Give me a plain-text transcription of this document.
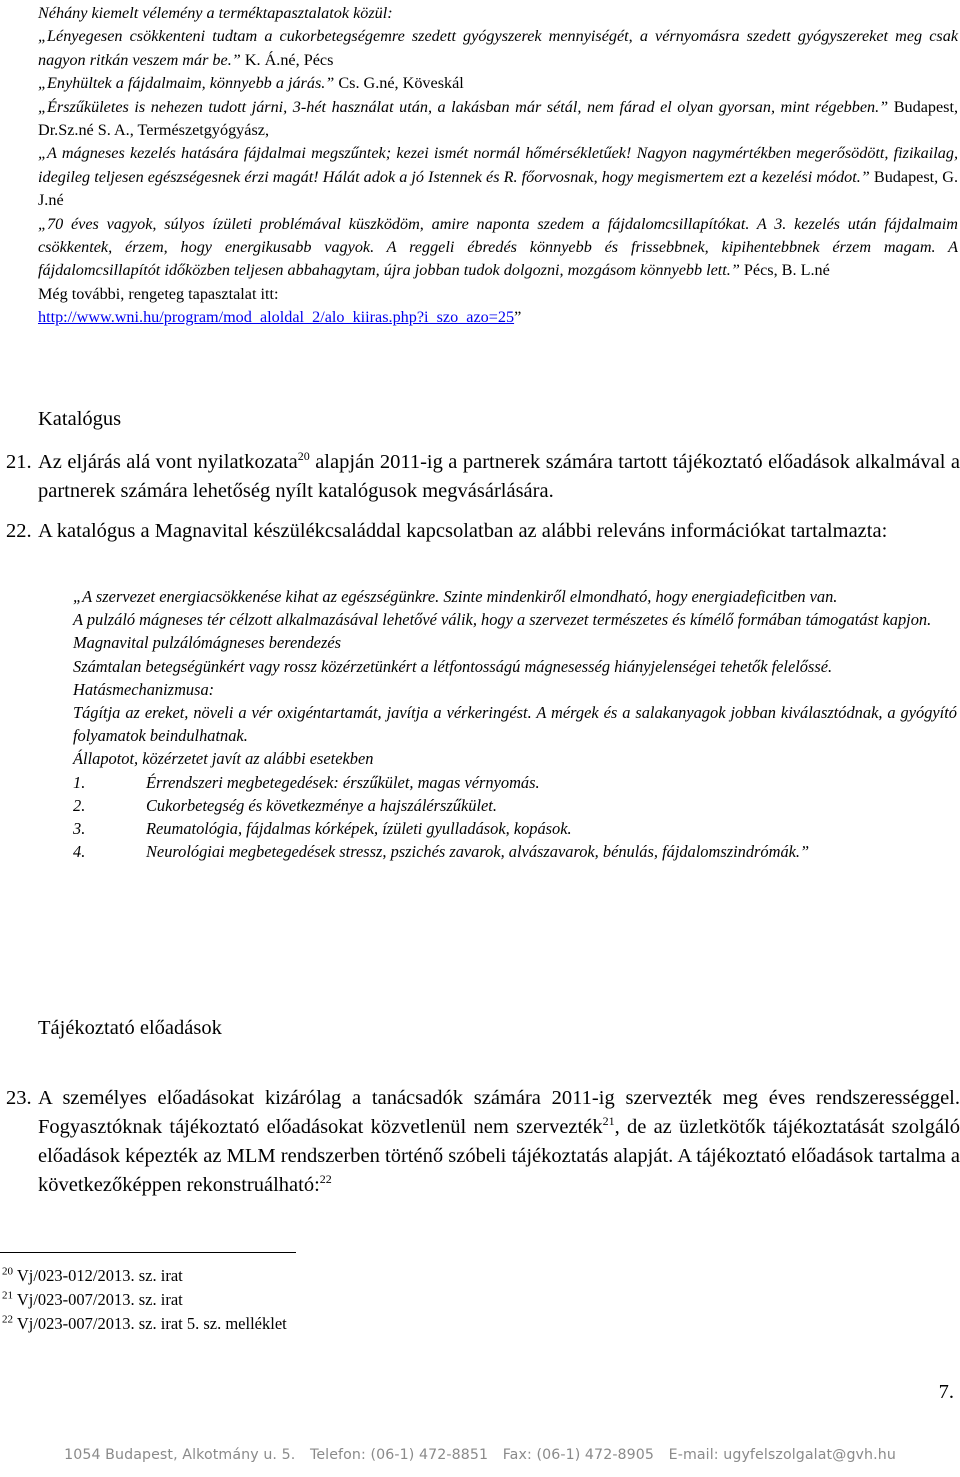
Néhány kiemelt vélemény a terméktapasztalatok közül:

„Lényegesen csökkenteni tudtam a cukorbetegségemre szedett gyógyszerek mennyiségét, a vérnyomásra szedett gyógyszereket meg csak nagyon ritkán veszem már be.” K. Á.né, Pécs

„Enyhültek a fájdalmaim, könnyebb a járás.” Cs. G.né, Köveskál

„Érszűkületes is nehezen tudott járni, 3-hét használat után, a lakásban már sétál, nem fárad el olyan gyorsan, mint régebben.” Budapest, Dr.Sz.né S. A., Természetgyógyász,

„A mágneses kezelés hatására fájdalmai megszűntek; kezei ismét normál hőmérsékletűek! Nagyon nagymértékben megerősödött, fizikailag, idegileg teljesen egészségesnek érzi magát! Hálát adok a jó Istennek és R. főorvosnak, hogy megismertem ezt a kezelési módot.” Budapest, G. J.né

„70 éves vagyok, súlyos ízületi problémával küszködöm, amire naponta szedem a fájdalomcsillapítókat. A 3. kezelés után fájdalmaim csökkentek, érzem, hogy energikusabb vagyok. A reggeli ébredés könnyebb és frissebbnek, kipihentebbnek érzem magam. A fájdalomcsillapítót időközben teljesen abbahagytam, újra jobban tudok dolgozni, mozgásom könnyebb lett.” Pécs, B. L.né

Még további, rengeteg tapasztalat itt:

http://www.wni.hu/program/mod_aloldal_2/alo_kiiras.php?i_szo_azo=25”

Katalógus
21. Az eljárás alá vont nyilatkozata$^{20}$ alapján 2011-ig a partnerek számára tartott tájékoztató előadások alkalmával a partnerek számára lehetőség nyílt katalógusok megvásárlására.

22. A katalógus a Magnavital készülékcsaláddal kapcsolatban az alábbi releváns információkat tartalmazta:

„A szervezet energiacsökkenése kihat az egészségünkre. Szinte mindenkiről elmondható, hogy energiadeficitben van.

A pulzáló mágneses tér célzott alkalmazásával lehetővé válik, hogy a szervezet természetes és kímélő formában támogatást kapjon.

Magnavital pulzálómágneses berendezés

Számtalan betegségünkért vagy rossz közérzetünkért a létfontosságú mágnesesség hiányjelenségei tehetők felelőssé.

Hatásmechanizmusa:

Tágítja az ereket, növeli a vér oxigéntartamát, javítja a vérkeringést. A mérgek és a salakanyagok jobban kiválasztódnak, a gyógyító folyamatok beindulhatnak.

Állapotot, közérzetet javít az alábbi esetekben

1.	Érrendszeri megbetegedések: érszűkület, magas vérnyomás.
2.	Cukorbetegség és következménye a hajszálérszűkület.
3.	Reumatológia, fájdalmas kórképek, ízületi gyulladások, kopások.
4.	Neurológiai megbetegedések stressz, pszichés zavarok, alvászavarok, bénulás, fájdalomszindrómák.”
Tájékoztató előadások
23. A személyes előadásokat kizárólag a tanácsadók számára 2011-ig szervezték meg éves rendszerességgel. Fogyasztóknak tájékoztató előadásokat közvetlenül nem szervezték$^{21}$, de az üzletkötők tájékoztatását szolgáló előadások képezték az MLM rendszerben történő szóbeli tájékoztatás alapját. A tájékoztató előadások tartalma a következőképpen rekonstruálható:$^{22}$

$^{20}$ Vj/023-012/2013. sz. irat

$^{21}$ Vj/023-007/2013. sz. irat

$^{22}$ Vj/023-007/2013. sz. irat 5. sz. melléklet

7.
1054 Budapest, Alkotmány u. 5. Telefon: (06-1) 472-8851 Fax: (06-1) 472-8905 E-mail: ugyfelszolgalat@gvh.hu
